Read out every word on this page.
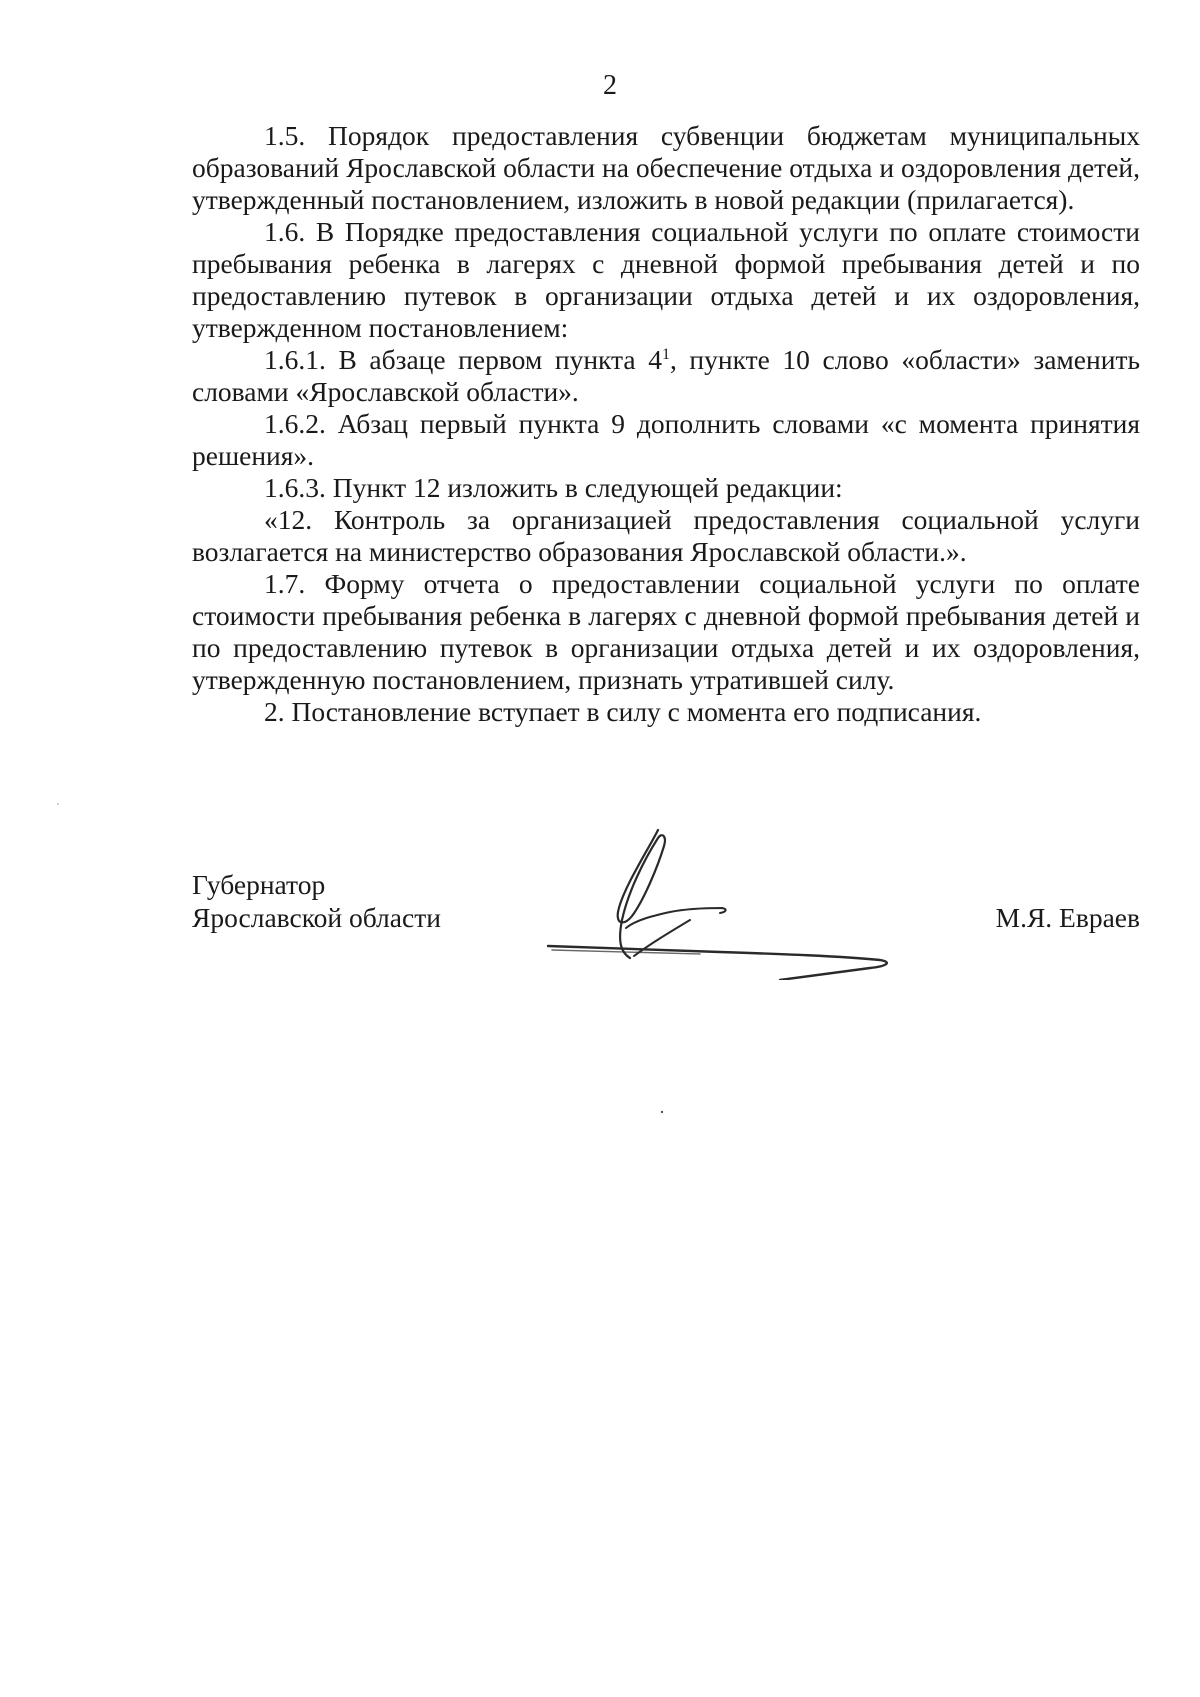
2

1.5. Порядок предоставления субвенции бюджетам муниципальных образований Ярославской области на обеспечение отдыха и оздоровления детей, утвержденный постановлением, изложить в новой редакции (прилагается).

1.6. В Порядке предоставления социальной услуги по оплате стоимости пребывания ребенка в лагерях с дневной формой пребывания детей и по предоставлению путевок в организации отдыха детей и их оздоровления, утвержденном постановлением:

1.6.1. В абзаце первом пункта $4^1$, пункте 10 слово «области» заменить словами «Ярославской области».

1.6.2. Абзац первый пункта 9 дополнить словами «с момента принятия решения».

1.6.3. Пункт 12 изложить в следующей редакции:

«12. Контроль за организацией предоставления социальной услуги возлагается на министерство образования Ярославской области.».

1.7. Форму отчета о предоставлении социальной услуги по оплате стоимости пребывания ребенка в лагерях с дневной формой пребывания детей и по предоставлению путевок в организации отдыха детей и их оздоровления, утвержденную постановлением, признать утратившей силу.

2. Постановление вступает в силу с момента его подписания.

Губернатор
Ярославской области	М.Я. Евраев
